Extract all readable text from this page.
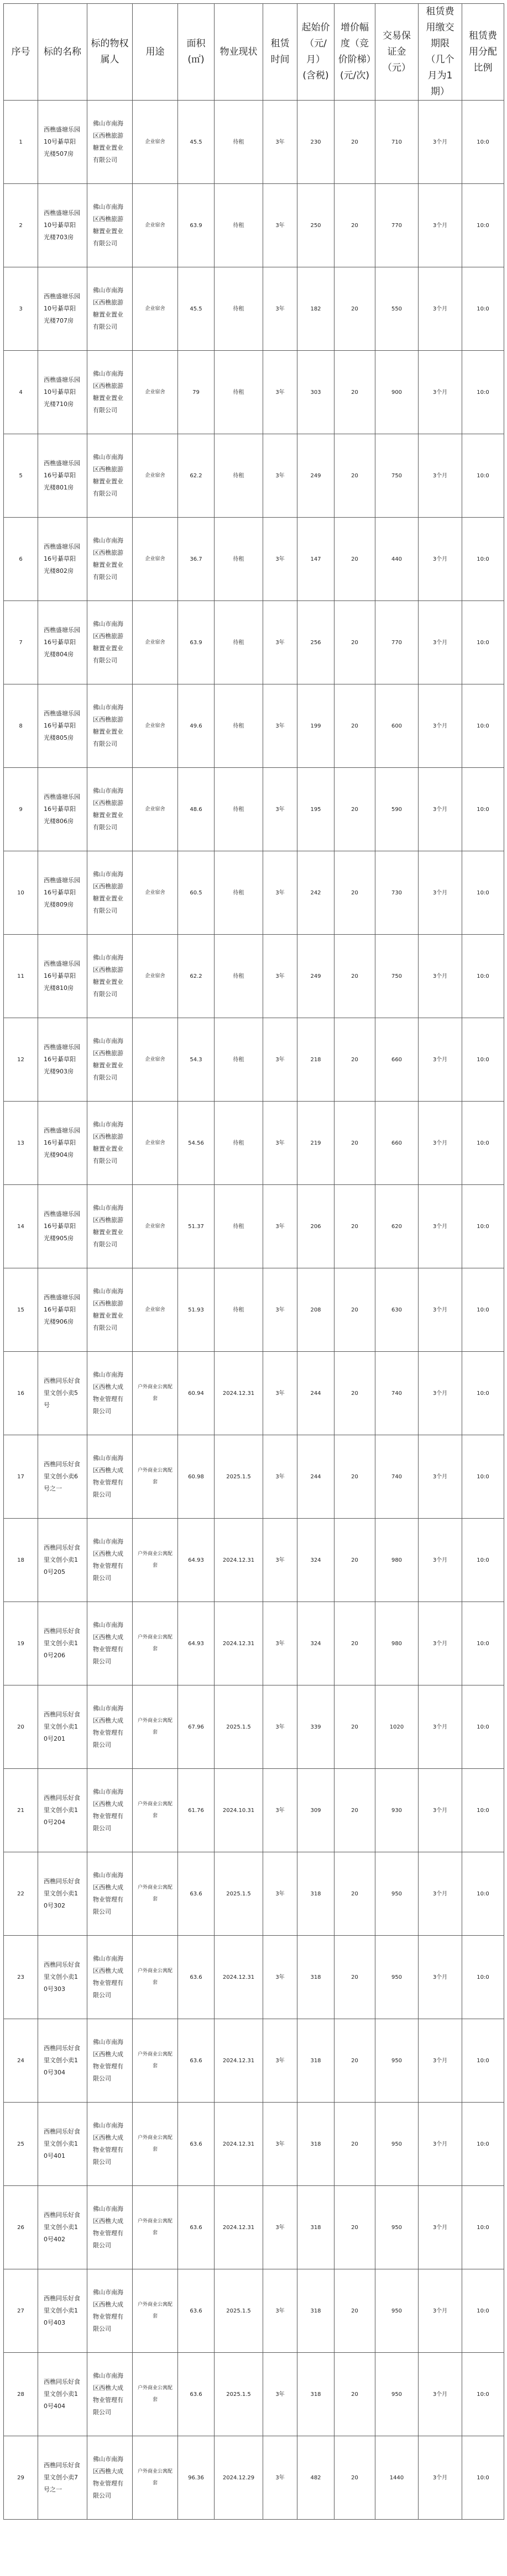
序号	标的名称	标的物权属人	用途	面积(㎡)	物业现状	租赁时间	起始价（元/月）(含税)	增价幅度（竞价阶梯）(元/次)	交易保证金（元）	租赁费用缴交期限（几个月为1期）	租赁费用分配比例
1	西樵盛塘乐园10号綦草阳光楼507房	佛山市南海区西樵旅游糖置业置业有限公司	企业宿舍	45.5	待租	3年	230	20	710	3个月	10:0
2	西樵盛塘乐园10号綦草阳光楼703房	佛山市南海区西樵旅游糖置业置业有限公司	企业宿舍	63.9	待租	3年	250	20	770	3个月	10:0
3	西樵盛塘乐园10号綦草阳光楼707房	佛山市南海区西樵旅游糖置业置业有限公司	企业宿舍	45.5	待租	3年	182	20	550	3个月	10:0
4	西樵盛塘乐园10号綦草阳光楼710房	佛山市南海区西樵旅游糖置业置业有限公司	企业宿舍	79	待租	3年	303	20	900	3个月	10:0
5	西樵盛塘乐园16号綦草阳光楼801房	佛山市南海区西樵旅游糖置业置业有限公司	企业宿舍	62.2	待租	3年	249	20	750	3个月	10:0
6	西樵盛塘乐园16号綦草阳光楼802房	佛山市南海区西樵旅游糖置业置业有限公司	企业宿舍	36.7	待租	3年	147	20	440	3个月	10:0
7	西樵盛塘乐园16号綦草阳光楼804房	佛山市南海区西樵旅游糖置业置业有限公司	企业宿舍	63.9	待租	3年	256	20	770	3个月	10:0
8	西樵盛塘乐园16号綦草阳光楼805房	佛山市南海区西樵旅游糖置业置业有限公司	企业宿舍	49.6	待租	3年	199	20	600	3个月	10:0
9	西樵盛塘乐园16号綦草阳光楼806房	佛山市南海区西樵旅游糖置业置业有限公司	企业宿舍	48.6	待租	3年	195	20	590	3个月	10:0
10	西樵盛塘乐园16号綦草阳光楼809房	佛山市南海区西樵旅游糖置业置业有限公司	企业宿舍	60.5	待租	3年	242	20	730	3个月	10:0
11	西樵盛塘乐园16号綦草阳光楼810房	佛山市南海区西樵旅游糖置业置业有限公司	企业宿舍	62.2	待租	3年	249	20	750	3个月	10:0
12	西樵盛塘乐园16号綦草阳光楼903房	佛山市南海区西樵旅游糖置业置业有限公司	企业宿舍	54.3	待租	3年	218	20	660	3个月	10:0
13	西樵盛塘乐园16号綦草阳光楼904房	佛山市南海区西樵旅游糖置业置业有限公司	企业宿舍	54.56	待租	3年	219	20	660	3个月	10:0
14	西樵盛塘乐园16号綦草阳光楼905房	佛山市南海区西樵旅游糖置业置业有限公司	企业宿舍	51.37	待租	3年	206	20	620	3个月	10:0
15	西樵盛塘乐园16号綦草阳光楼906房	佛山市南海区西樵旅游糖置业置业有限公司	企业宿舍	51.93	待租	3年	208	20	630	3个月	10:0
16	西樵同乐好食里文创小卖5号	佛山市南海区西樵大成物业管理有限公司	户外商业公寓配套	60.94	2024.12.31	3年	244	20	740	3个月	10:0
17	西樵同乐好食里文创小卖6号之一	佛山市南海区西樵大成物业管理有限公司	户外商业公寓配套	60.98	2025.1.5	3年	244	20	740	3个月	10:0
18	西樵同乐好食里文创小卖10号205	佛山市南海区西樵大成物业管理有限公司	户外商业公寓配套	64.93	2024.12.31	3年	324	20	980	3个月	10:0
19	西樵同乐好食里文创小卖10号206	佛山市南海区西樵大成物业管理有限公司	户外商业公寓配套	64.93	2024.12.31	3年	324	20	980	3个月	10:0
20	西樵同乐好食里文创小卖10号201	佛山市南海区西樵大成物业管理有限公司	户外商业公寓配套	67.96	2025.1.5	3年	339	20	1020	3个月	10:0
21	西樵同乐好食里文创小卖10号204	佛山市南海区西樵大成物业管理有限公司	户外商业公寓配套	61.76	2024.10.31	3年	309	20	930	3个月	10:0
22	西樵同乐好食里文创小卖10号302	佛山市南海区西樵大成物业管理有限公司	户外商业公寓配套	63.6	2025.1.5	3年	318	20	950	3个月	10:0
23	西樵同乐好食里文创小卖10号303	佛山市南海区西樵大成物业管理有限公司	户外商业公寓配套	63.6	2024.12.31	3年	318	20	950	3个月	10:0
24	西樵同乐好食里文创小卖10号304	佛山市南海区西樵大成物业管理有限公司	户外商业公寓配套	63.6	2024.12.31	3年	318	20	950	3个月	10:0
25	西樵同乐好食里文创小卖10号401	佛山市南海区西樵大成物业管理有限公司	户外商业公寓配套	63.6	2024.12.31	3年	318	20	950	3个月	10:0
26	西樵同乐好食里文创小卖10号402	佛山市南海区西樵大成物业管理有限公司	户外商业公寓配套	63.6	2024.12.31	3年	318	20	950	3个月	10:0
27	西樵同乐好食里文创小卖10号403	佛山市南海区西樵大成物业管理有限公司	户外商业公寓配套	63.6	2025.1.5	3年	318	20	950	3个月	10:0
28	西樵同乐好食里文创小卖10号404	佛山市南海区西樵大成物业管理有限公司	户外商业公寓配套	63.6	2025.1.5	3年	318	20	950	3个月	10:0
29	西樵同乐好食里文创小卖7号之一	佛山市南海区西樵大成物业管理有限公司	户外商业公寓配套	96.36	2024.12.29	3年	482	20	1440	3个月	10:0
